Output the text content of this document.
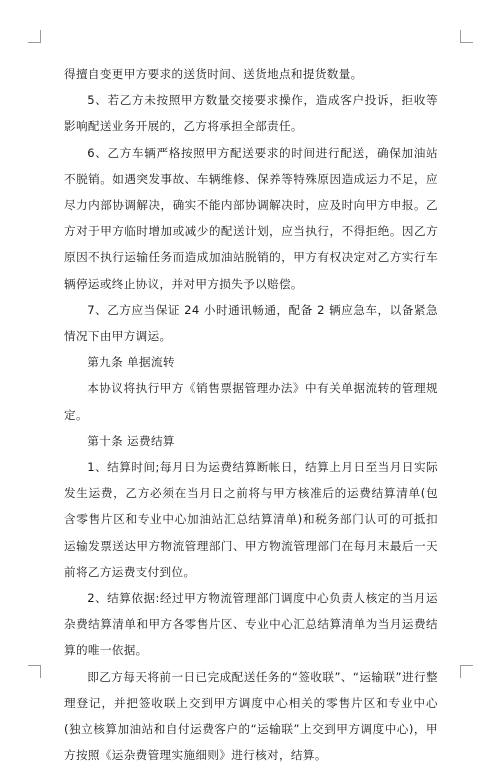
得擅自变更甲方要求的送货时间、送货地点和提货数量。

5、若乙方未按照甲方数量交接要求操作，造成客户投诉，拒收等影响配送业务开展的，乙方将承担全部责任。

6、乙方车辆严格按照甲方配送要求的时间进行配送，确保加油站不脱销。如遇突发事故、车辆维修、保养等特殊原因造成运力不足，应尽力内部协调解决，确实不能内部协调解决时，应及时向甲方申报。乙方对于甲方临时增加或减少的配送计划，应当执行，不得拒绝。因乙方原因不执行运输任务而造成加油站脱销的，甲方有权决定对乙方实行车辆停运或终止协议，并对甲方损失予以赔偿。

7、乙方应当保证 24 小时通讯畅通，配备 2 辆应急车，以备紧急情况下由甲方调运。

第九条 单据流转

本协议将执行甲方《销售票据管理办法》中有关单据流转的管理规定。

第十条 运费结算

1、结算时间;每月日为运费结算断帐日，结算上月日至当月日实际发生运费，乙方必须在当月日之前将与甲方核准后的运费结算清单(包含零售片区和专业中心加油站汇总结算清单)和税务部门认可的可抵扣运输发票送达甲方物流管理部门、甲方物流管理部门在每月末最后一天前将乙方运费支付到位。

2、结算依据:经过甲方物流管理部门调度中心负责人核定的当月运杂费结算清单和甲方各零售片区、专业中心汇总结算清单为当月运费结算的唯一依据。

即乙方每天将前一日已完成配送任务的“签收联”、“运输联”进行整理登记，并把签收联上交到甲方调度中心相关的零售片区和专业中心(独立核算加油站和自付运费客户的“运输联”上交到甲方调度中心)，甲方按照《运杂费管理实施细则》进行核对，结算。
